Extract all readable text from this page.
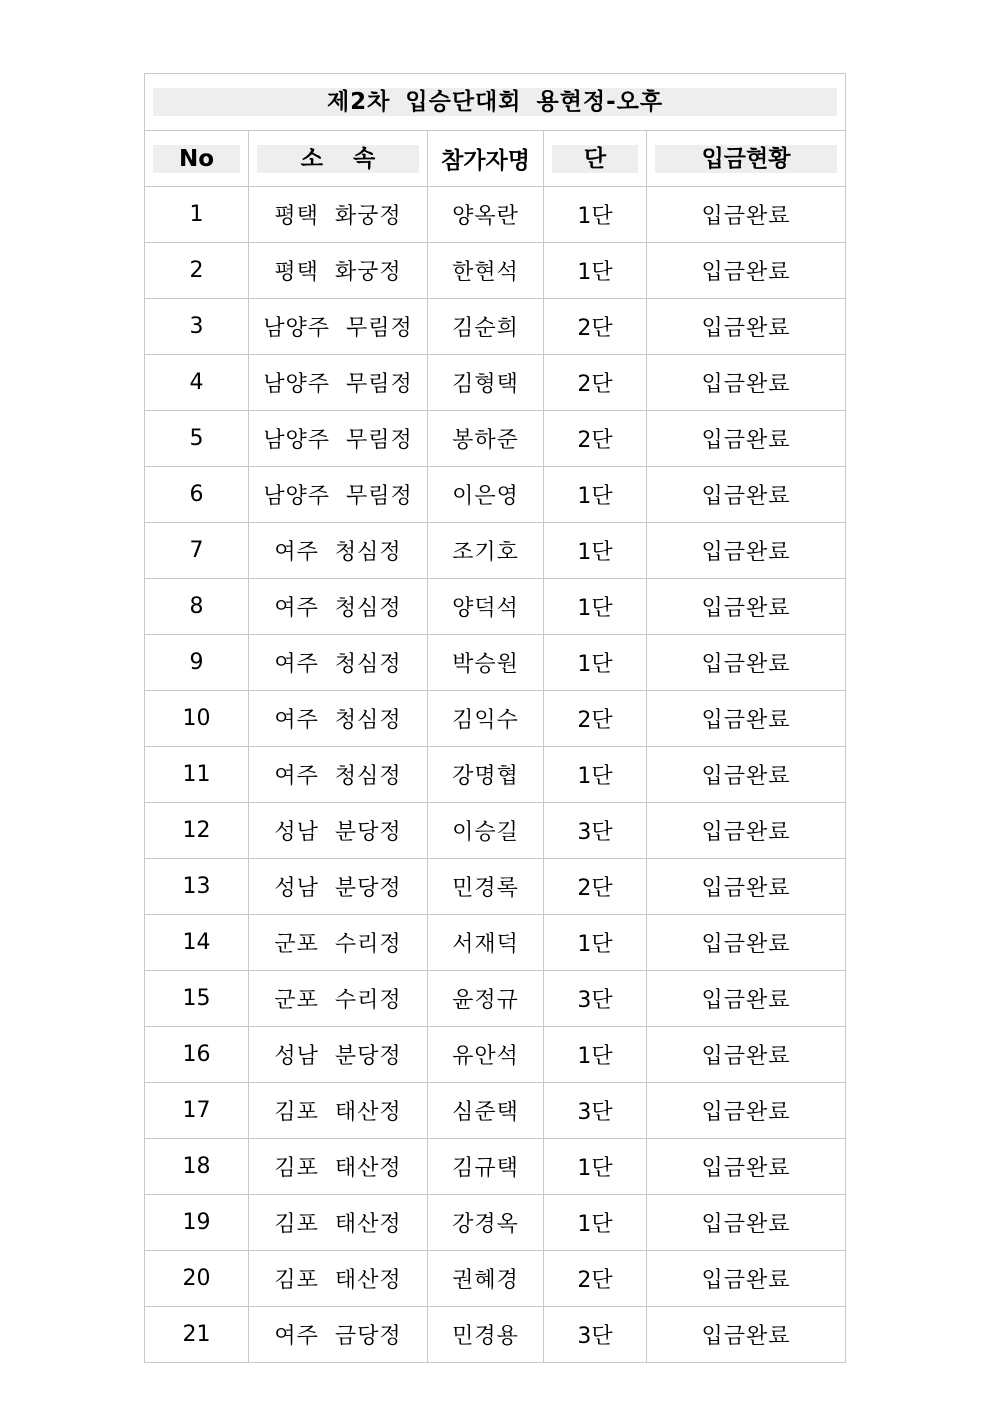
제2차 입승단대회 용현정-오후				

No	소 속	참가자명	단	입금현황

1	평택 화궁정	양옥란	1단	입금완료
2	평택 화궁정	한현석	1단	입금완료
3	남양주 무림정	김순희	2단	입금완료
4	남양주 무림정	김형택	2단	입금완료
5	남양주 무림정	봉하준	2단	입금완료
6	남양주 무림정	이은영	1단	입금완료
7	여주 청심정	조기호	1단	입금완료
8	여주 청심정	양덕석	1단	입금완료
9	여주 청심정	박승원	1단	입금완료
10	여주 청심정	김익수	2단	입금완료
11	여주 청심정	강명협	1단	입금완료
12	성남 분당정	이승길	3단	입금완료
13	성남 분당정	민경록	2단	입금완료
14	군포 수리정	서재덕	1단	입금완료
15	군포 수리정	윤정규	3단	입금완료
16	성남 분당정	유안석	1단	입금완료
17	김포 태산정	심준택	3단	입금완료
18	김포 태산정	김규택	1단	입금완료
19	김포 태산정	강경옥	1단	입금완료
20	김포 태산정	권혜경	2단	입금완료
21	여주 금당정	민경용	3단	입금완료
